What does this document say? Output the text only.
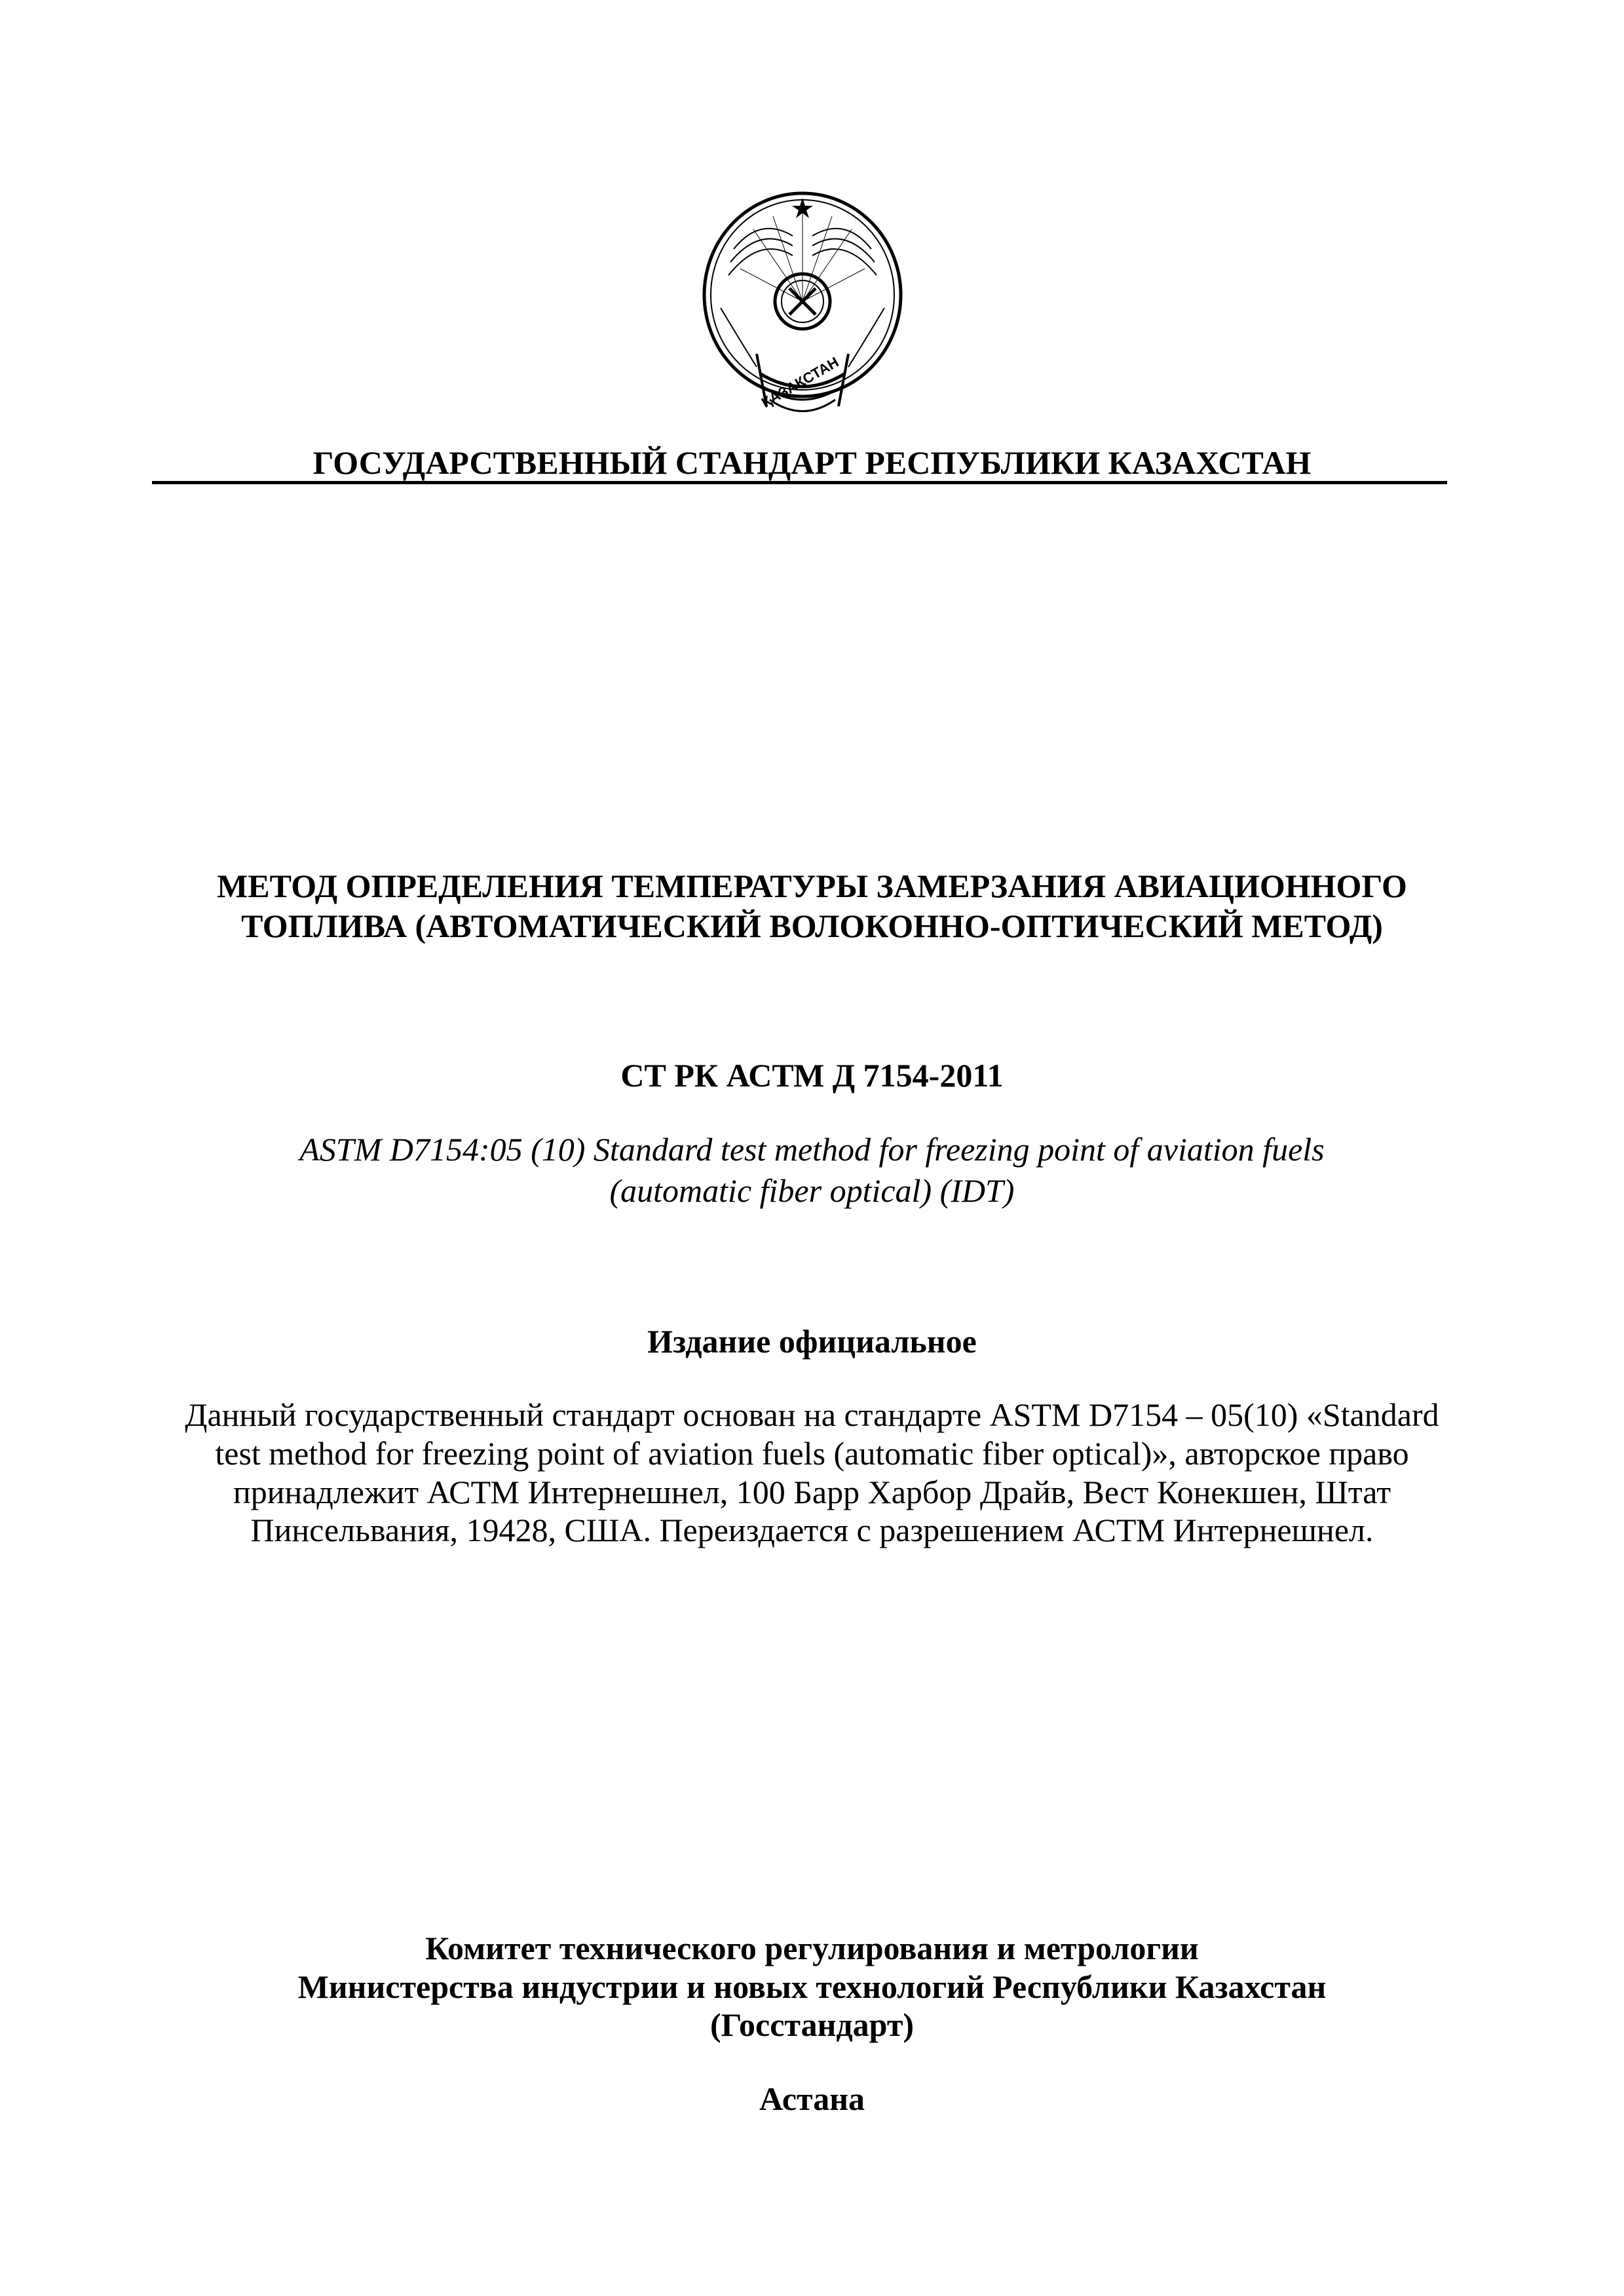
ҚАЗАҚСТАН
ГОСУДАРСТВЕННЫЙ СТАНДАРТ РЕСПУБЛИКИ КАЗАХСТАН
МЕТОД ОПРЕДЕЛЕНИЯ ТЕМПЕРАТУРЫ ЗАМЕРЗАНИЯ АВИАЦИОННОГО
ТОПЛИВА (АВТОМАТИЧЕСКИЙ ВОЛОКОННО-ОПТИЧЕСКИЙ МЕТОД)
СТ РК АСТМ Д 7154-2011
ASTM D7154:05 (10) Standard test method for freezing point of aviation fuels
(automatic fiber optical) (IDT)
Издание официальное
Данный государственный стандарт основан на стандарте ASTM D7154 – 05(10) «Standard
test method for freezing point of aviation fuels (automatic fiber optical)», авторское право
принадлежит АСТМ Интернешнел, 100 Барр Харбор Драйв, Вест Конекшен, Штат
Пинсельвания, 19428, США. Переиздается с разрешением АСТМ Интернешнел.
Комитет технического регулирования и метрологии
Министерства индустрии и новых технологий Республики Казахстан
(Госстандарт)
Астана
